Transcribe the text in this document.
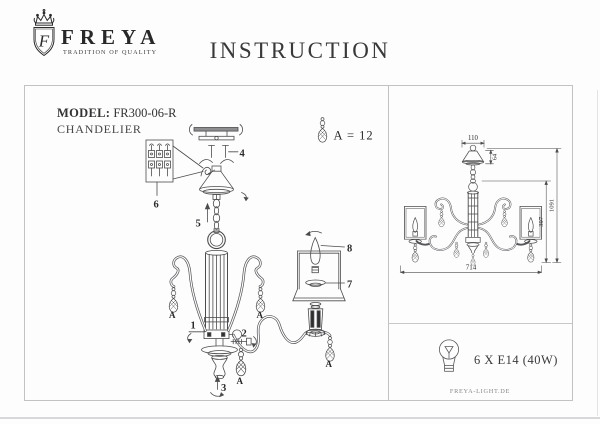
F FREYA
TRADITION OF QUALITY	INSTRUCTION
MODEL: FR300-06-R
CHANDELIER
4
6
5
1
2
3
8
7
A	A
A
A
A = 12	110
64
1091
397
714
6 X E14 (40W)
FREYA-LIGHT.DE
